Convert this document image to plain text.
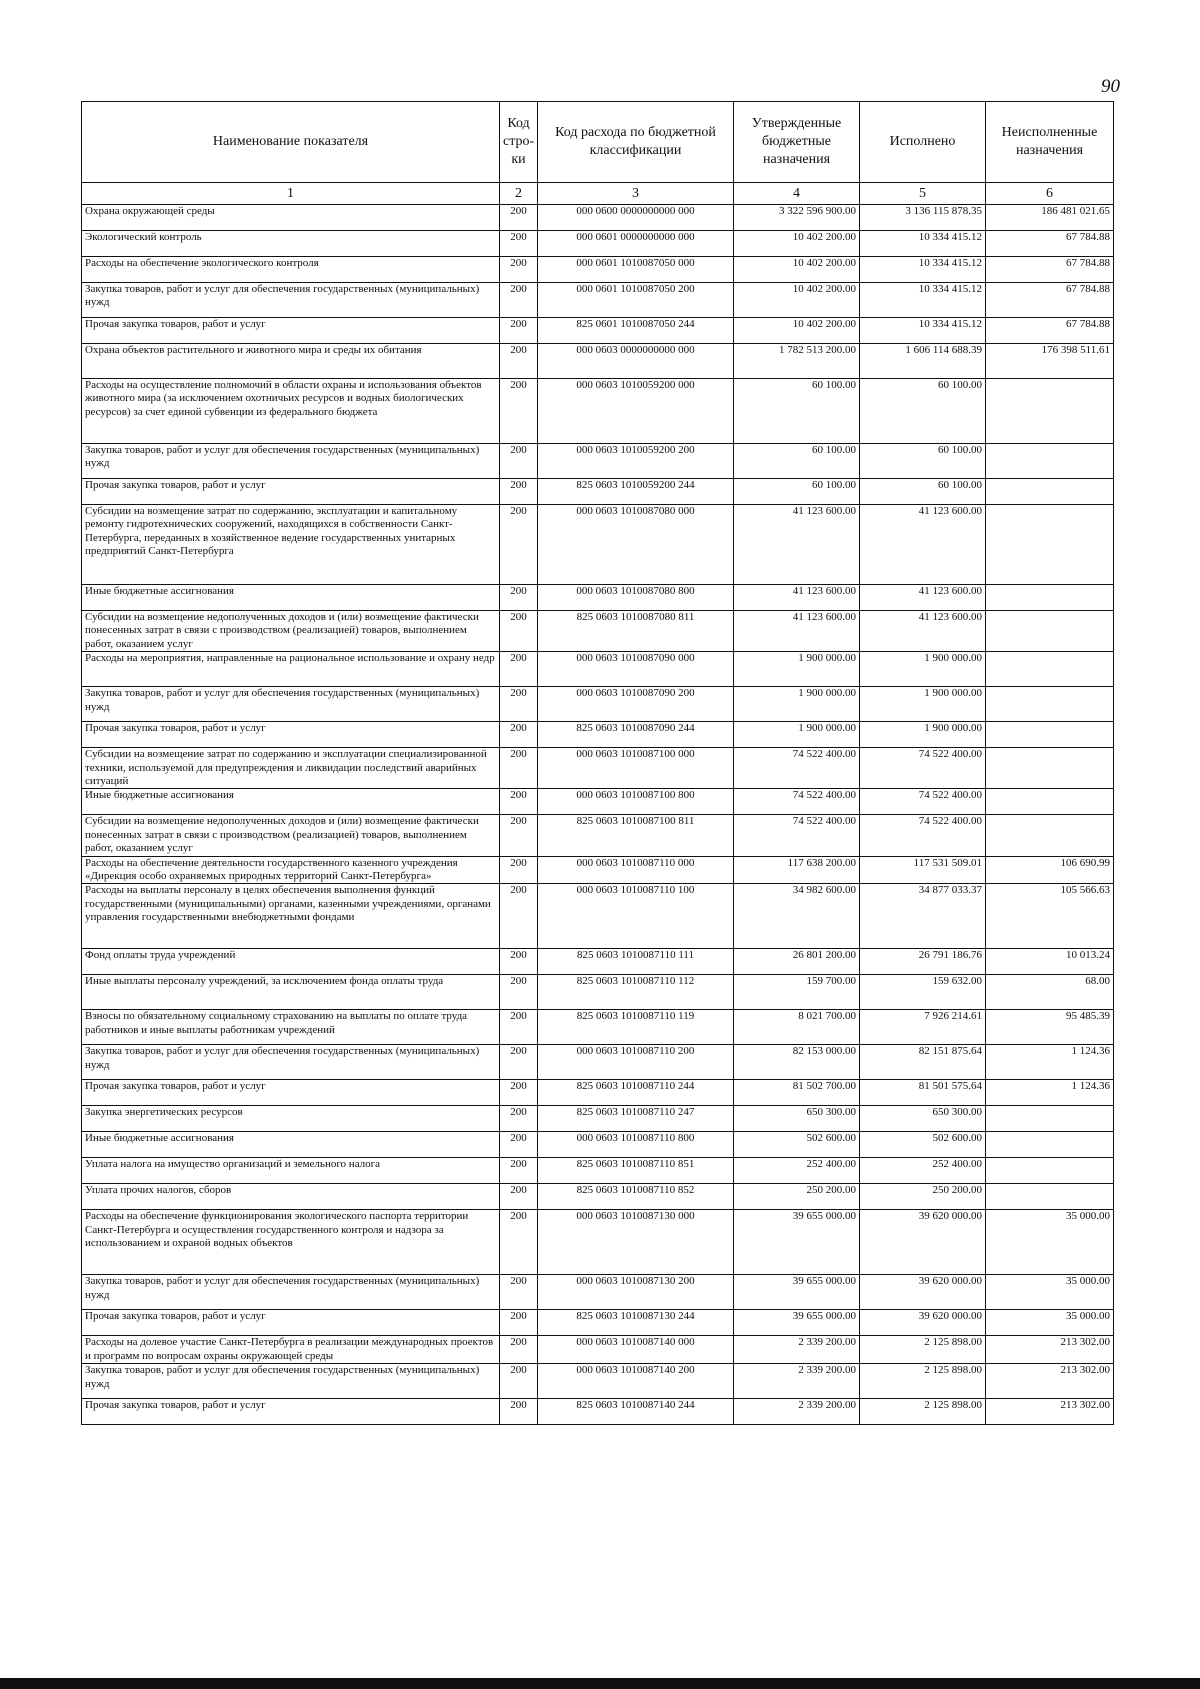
90
Наименование показателя	Код стро-ки	Код расхода по бюджетной классификации	Утвержденные бюджетные назначения	Исполнено	Неисполненные назначения
1	2	3	4	5	6
Охрана окружающей среды	200	000 0600 0000000000 000	3 322 596 900.00	3 136 115 878.35	186 481 021.65
Экологический контроль	200	000 0601 0000000000 000	10 402 200.00	10 334 415.12	67 784.88
Расходы на обеспечение экологического контроля	200	000 0601 1010087050 000	10 402 200.00	10 334 415.12	67 784.88
Закупка товаров, работ и услуг для обеспечения государственных (муниципальных) нужд	200	000 0601 1010087050 200	10 402 200.00	10 334 415.12	67 784.88
Прочая закупка товаров, работ и услуг	200	825 0601 1010087050 244	10 402 200.00	10 334 415.12	67 784.88
Охрана объектов растительного и животного мира и среды их обитания	200	000 0603 0000000000 000	1 782 513 200.00	1 606 114 688.39	176 398 511.61
Расходы на осуществление полномочий в области охраны и использования объектов животного мира (за исключением охотничьих ресурсов и водных биологических ресурсов) за счет единой субвенции из федерального бюджета	200	000 0603 1010059200 000	60 100.00	60 100.00	
Закупка товаров, работ и услуг для обеспечения государственных (муниципальных) нужд	200	000 0603 1010059200 200	60 100.00	60 100.00	
Прочая закупка товаров, работ и услуг	200	825 0603 1010059200 244	60 100.00	60 100.00	
Субсидии на возмещение затрат по содержанию, эксплуатации и капитальному ремонту гидротехнических сооружений, находящихся в собственности Санкт-Петербурга, переданных в хозяйственное ведение государственных унитарных предприятий Санкт-Петербурга	200	000 0603 1010087080 000	41 123 600.00	41 123 600.00	
Иные бюджетные ассигнования	200	000 0603 1010087080 800	41 123 600.00	41 123 600.00	
Субсидии на возмещение недополученных доходов и (или) возмещение фактически понесенных затрат в связи с производством (реализацией) товаров, выполнением работ, оказанием услуг	200	825 0603 1010087080 811	41 123 600.00	41 123 600.00	
Расходы на мероприятия, направленные на рациональное использование и охрану недр	200	000 0603 1010087090 000	1 900 000.00	1 900 000.00	
Закупка товаров, работ и услуг для обеспечения государственных (муниципальных) нужд	200	000 0603 1010087090 200	1 900 000.00	1 900 000.00	
Прочая закупка товаров, работ и услуг	200	825 0603 1010087090 244	1 900 000.00	1 900 000.00	
Субсидии на возмещение затрат по содержанию и эксплуатации специализированной техники, используемой для предупреждения и ликвидации последствий аварийных ситуаций	200	000 0603 1010087100 000	74 522 400.00	74 522 400.00	
Иные бюджетные ассигнования	200	000 0603 1010087100 800	74 522 400.00	74 522 400.00	
Субсидии на возмещение недополученных доходов и (или) возмещение фактически понесенных затрат в связи с производством (реализацией) товаров, выполнением работ, оказанием услуг	200	825 0603 1010087100 811	74 522 400.00	74 522 400.00	
Расходы на обеспечение деятельности государственного казенного учреждения «Дирекция особо охраняемых природных территорий Санкт-Петербурга»	200	000 0603 1010087110 000	117 638 200.00	117 531 509.01	106 690.99
Расходы на выплаты персоналу в целях обеспечения выполнения функций государственными (муниципальными) органами, казенными учреждениями, органами управления государственными внебюджетными фондами	200	000 0603 1010087110 100	34 982 600.00	34 877 033.37	105 566.63
Фонд оплаты труда учреждений	200	825 0603 1010087110 111	26 801 200.00	26 791 186.76	10 013.24
Иные выплаты персоналу учреждений, за исключением фонда оплаты труда	200	825 0603 1010087110 112	159 700.00	159 632.00	68.00
Взносы по обязательному социальному страхованию на выплаты по оплате труда работников и иные выплаты работникам учреждений	200	825 0603 1010087110 119	8 021 700.00	7 926 214.61	95 485.39
Закупка товаров, работ и услуг для обеспечения государственных (муниципальных) нужд	200	000 0603 1010087110 200	82 153 000.00	82 151 875.64	1 124.36
Прочая закупка товаров, работ и услуг	200	825 0603 1010087110 244	81 502 700.00	81 501 575.64	1 124.36
Закупка энергетических ресурсов	200	825 0603 1010087110 247	650 300.00	650 300.00	
Иные бюджетные ассигнования	200	000 0603 1010087110 800	502 600.00	502 600.00	
Уплата налога на имущество организаций и земельного налога	200	825 0603 1010087110 851	252 400.00	252 400.00	
Уплата прочих налогов, сборов	200	825 0603 1010087110 852	250 200.00	250 200.00	
Расходы на обеспечение функционирования экологического паспорта территории Санкт-Петербурга и осуществления государственного контроля и надзора за использованием и охраной водных объектов	200	000 0603 1010087130 000	39 655 000.00	39 620 000.00	35 000.00
Закупка товаров, работ и услуг для обеспечения государственных (муниципальных) нужд	200	000 0603 1010087130 200	39 655 000.00	39 620 000.00	35 000.00
Прочая закупка товаров, работ и услуг	200	825 0603 1010087130 244	39 655 000.00	39 620 000.00	35 000.00
Расходы на долевое участие Санкт-Петербурга в реализации международных проектов и программ по вопросам охраны окружающей среды	200	000 0603 1010087140 000	2 339 200.00	2 125 898.00	213 302.00
Закупка товаров, работ и услуг для обеспечения государственных (муниципальных) нужд	200	000 0603 1010087140 200	2 339 200.00	2 125 898.00	213 302.00
Прочая закупка товаров, работ и услуг	200	825 0603 1010087140 244	2 339 200.00	2 125 898.00	213 302.00
